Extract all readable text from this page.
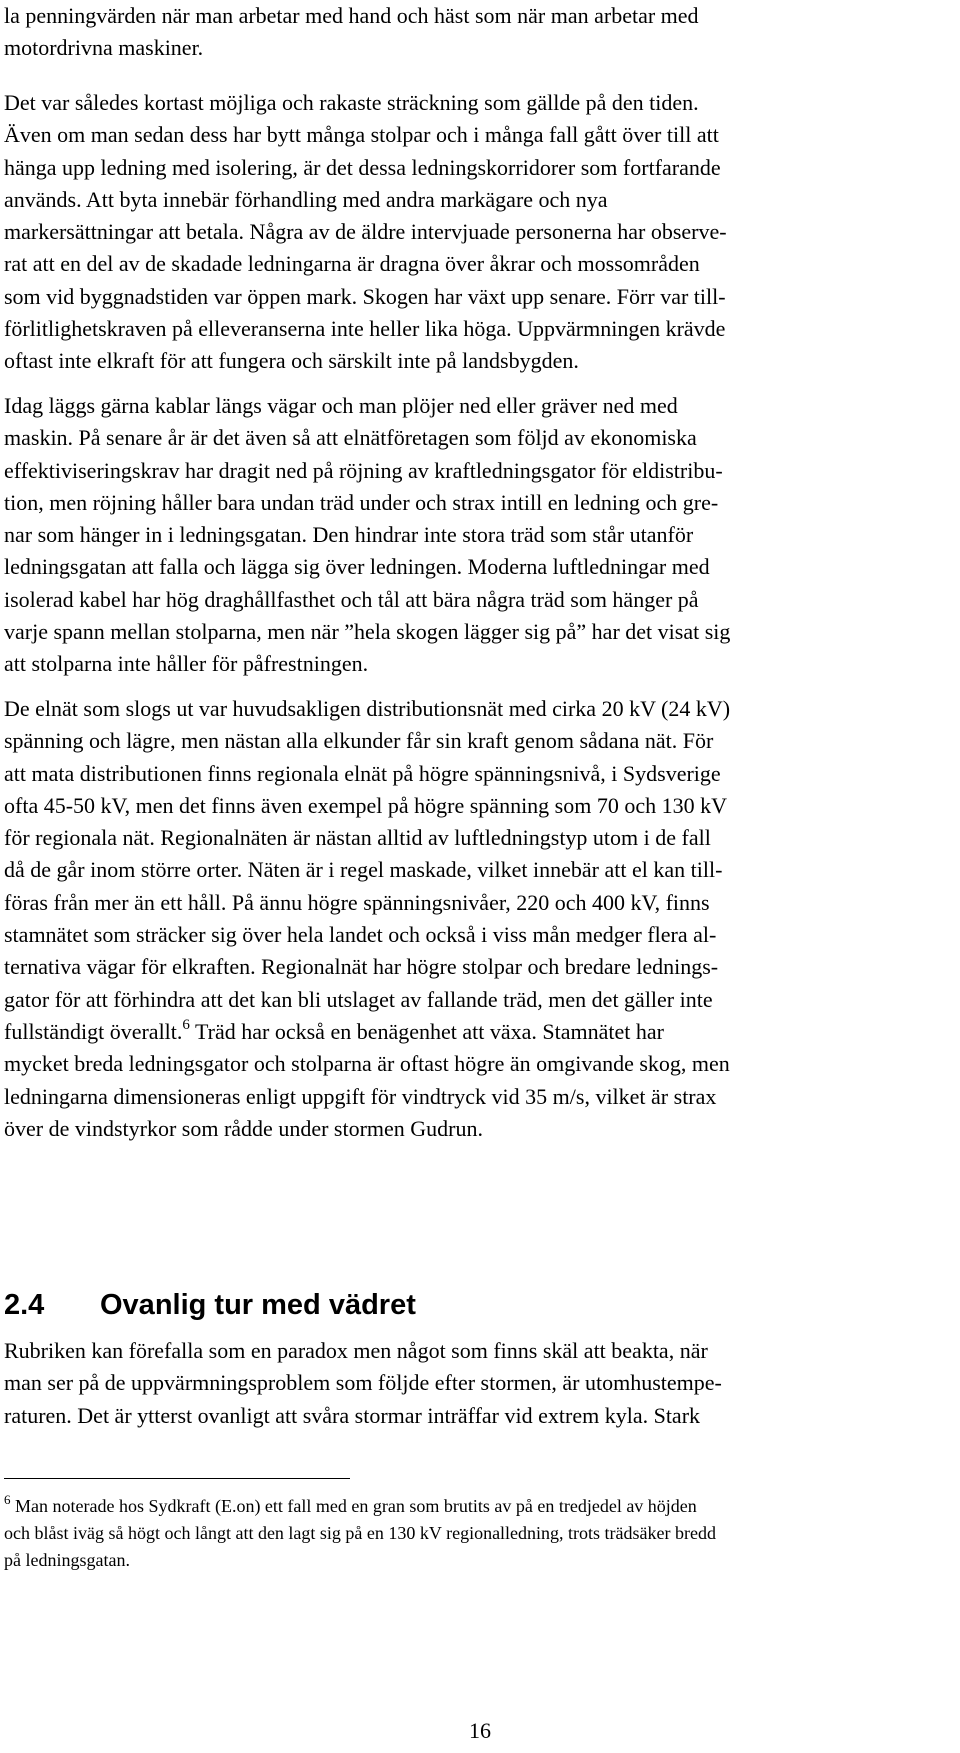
la penningvärden när man arbetar med hand och häst som när man arbetar med
motordrivna maskiner.

Det var således kortast möjliga och rakaste sträckning som gällde på den tiden.
Även om man sedan dess har bytt många stolpar och i många fall gått över till att
hänga upp ledning med isolering, är det dessa ledningskorridorer som fortfarande
används. Att byta innebär förhandling med andra markägare och nya
markersättningar att betala. Några av de äldre intervjuade personerna har observe-
rat att en del av de skadade ledningarna är dragna över åkrar och mossområden
som vid byggnadstiden var öppen mark. Skogen har växt upp senare. Förr var till-
förlitlighetskraven på elleveranserna inte heller lika höga. Uppvärmningen krävde
oftast inte elkraft för att fungera och särskilt inte på landsbygden.

Idag läggs gärna kablar längs vägar och man plöjer ned eller gräver ned med
maskin. På senare år är det även så att elnätföretagen som följd av ekonomiska
effektiviseringskrav har dragit ned på röjning av kraftledningsgator för eldistribu-
tion, men röjning håller bara undan träd under och strax intill en ledning och gre-
nar som hänger in i ledningsgatan. Den hindrar inte stora träd som står utanför
ledningsgatan att falla och lägga sig över ledningen. Moderna luftledningar med
isolerad kabel har hög draghållfasthet och tål att bära några träd som hänger på
varje spann mellan stolparna, men när ”hela skogen lägger sig på” har det visat sig
att stolparna inte håller för påfrestningen.

De elnät som slogs ut var huvudsakligen distributionsnät med cirka 20 kV (24 kV)
spänning och lägre, men nästan alla elkunder får sin kraft genom sådana nät. För
att mata distributionen finns regionala elnät på högre spänningsnivå, i Sydsverige
ofta 45-50 kV, men det finns även exempel på högre spänning som 70 och 130 kV
för regionala nät. Regionalnäten är nästan alltid av luftledningstyp utom i de fall
då de går inom större orter. Näten är i regel maskade, vilket innebär att el kan till-
föras från mer än ett håll. På ännu högre spänningsnivåer, 220 och 400 kV, finns
stamnätet som sträcker sig över hela landet och också i viss mån medger flera al-
ternativa vägar för elkraften. Regionalnät har högre stolpar och bredare lednings-
gator för att förhindra att det kan bli utslaget av fallande träd, men det gäller inte
fullständigt överallt.$^6$ Träd har också en benägenhet att växa. Stamnätet har
mycket breda ledningsgator och stolparna är oftast högre än omgivande skog, men
ledningarna dimensioneras enligt uppgift för vindtryck vid 35 m/s, vilket är strax
över de vindstyrkor som rådde under stormen Gudrun.

2.4 Ovanlig tur med vädret

Rubriken kan förefalla som en paradox men något som finns skäl att beakta, när
man ser på de uppvärmningsproblem som följde efter stormen, är utomhustempe-
raturen. Det är ytterst ovanligt att svåra stormar inträffar vid extrem kyla. Stark

$^6$ Man noterade hos Sydkraft (E.on) ett fall med en gran som brutits av på en tredjedel av höjden
och blåst iväg så högt och långt att den lagt sig på en 130 kV regionalledning, trots trädsäker bredd
på ledningsgatan.

16
